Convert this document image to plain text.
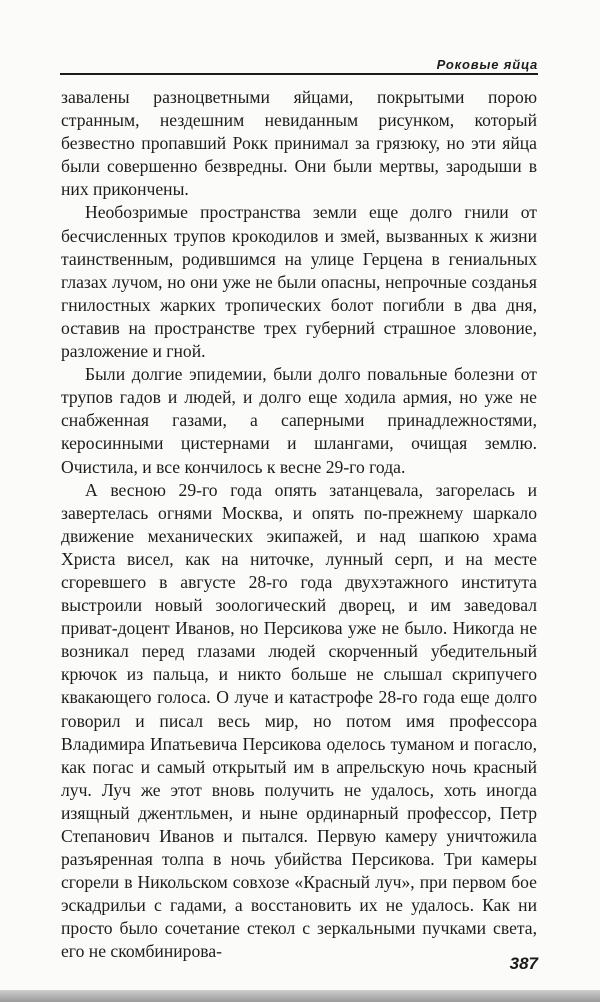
Роковые яйца

завалены разноцветными яйцами, покрытыми порою странным, нездешним невиданным рисунком, который безвестно пропавший Рокк принимал за грязюку, но эти яйца были совершенно безвредны. Они были мертвы, зародыши в них прикончены.

Необозримые пространства земли еще долго гнили от бесчисленных трупов крокодилов и змей, вызванных к жизни таинственным, родившимся на улице Герцена в гениальных глазах лучом, но они уже не были опасны, непрочные созданья гнилостных жарких тропических болот погибли в два дня, оставив на пространстве трех губерний страшное зловоние, разложение и гной.

Были долгие эпидемии, были долго повальные болезни от трупов гадов и людей, и долго еще ходила армия, но уже не снабженная газами, а саперными принадлежностями, керосинными цистернами и шлангами, очищая землю. Очистила, и все кончилось к весне 29-го года.

А весною 29-го года опять затанцевала, загорелась и завертелась огнями Москва, и опять по-прежнему шаркало движение механических экипажей, и над шапкою храма Христа висел, как на ниточке, лунный серп, и на месте сгоревшего в августе 28-го года двухэтажного института выстроили новый зоологический дворец, и им заведовал приват-доцент Иванов, но Персикова уже не было. Никогда не возникал перед глазами людей скорченный убедительный крючок из пальца, и никто больше не слышал скрипучего квакающего голоса. О луче и катастрофе 28-го года еще долго говорил и писал весь мир, но потом имя профессора Владимира Ипатьевича Персикова оделось туманом и погасло, как погас и самый открытый им в апрельскую ночь красный луч. Луч же этот вновь получить не удалось, хоть иногда изящный джентльмен, и ныне ординарный профессор, Петр Степанович Иванов и пытался. Первую камеру уничтожила разъяренная толпа в ночь убийства Персикова. Три камеры сгорели в Никольском совхозе «Красный луч», при первом бое эскадрильи с гадами, а восстановить их не удалось. Как ни просто было сочетание стекол с зеркальными пучками света, его не скомбинирова-

387
